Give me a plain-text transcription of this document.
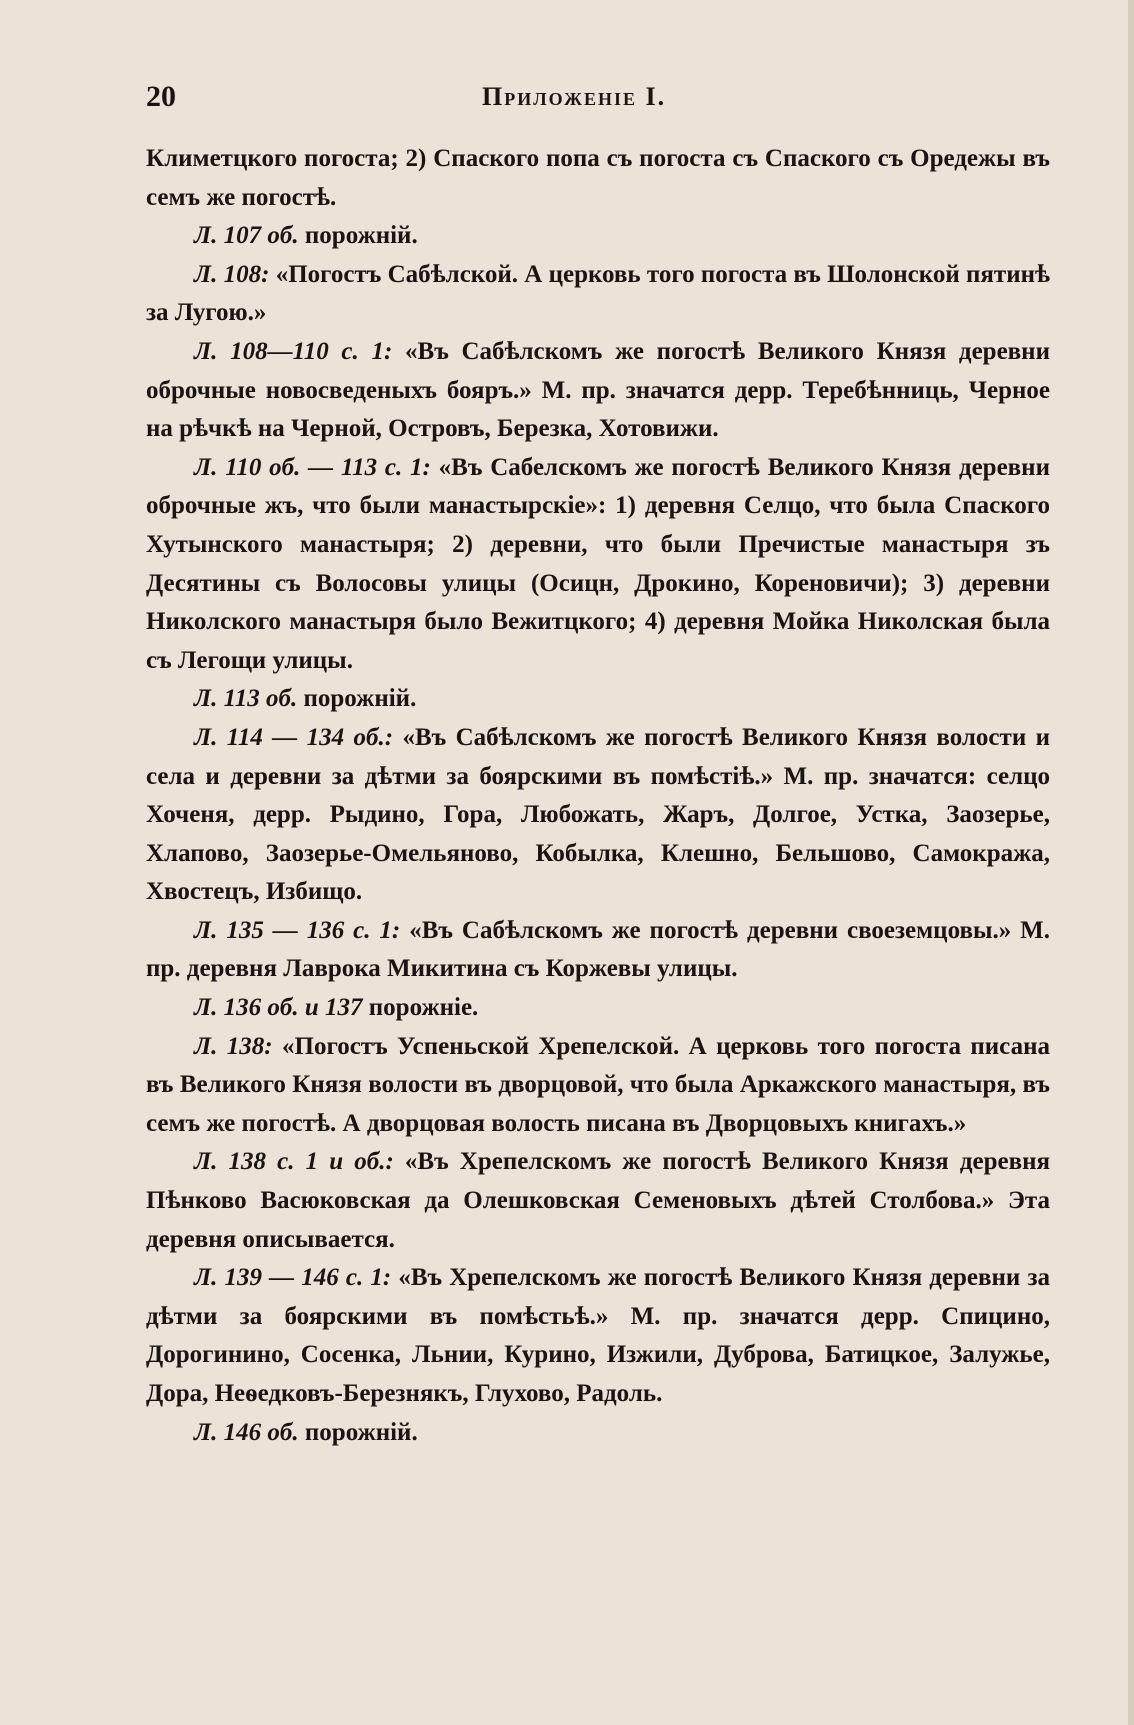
20	Приложеніе I.

Климетцкого погоста; 2) Спаского попа съ погоста съ Спаского съ Оредежы въ семъ же погостѣ.

Л. 107 об. порожній.

Л. 108: «Погостъ Сабѣлской. А церковь того погоста въ Шолонской пятинѣ за Лугою.»

Л. 108—110 с. 1: «Въ Сабѣлскомъ же погостѣ Великого Князя деревни оброчные новосведеныхъ бояръ.» М. пр. значатся дерр. Теребѣнниць, Черное на рѣчкѣ на Черной, Островъ, Березка, Хотовижи.

Л. 110 об. — 113 с. 1: «Въ Сабелскомъ же погостѣ Великого Князя деревни оброчные жъ, что были манастырскіе»: 1) деревня Селцо, что была Спаского Хутынского манастыря; 2) деревни, что были Пречистые манастыря зъ Десятины съ Волосовы улицы (Осицн, Дрокино, Кореновичи); 3) деревни Николского манастыря было Вежитцкого; 4) деревня Мойка Николская была съ Легощи улицы.

Л. 113 об. порожній.

Л. 114 — 134 об.: «Въ Сабѣлскомъ же погостѣ Великого Князя волости и села и деревни за дѣтми за боярскими въ помѣстіѣ.» М. пр. значатся: селцо Хоченя, дерр. Рыдино, Гора, Любожать, Жаръ, Долгое, Устка, Заозерье, Хлапово, Заозерье-Омельяново, Кобылка, Клешно, Бельшово, Самокража, Хвостецъ, Избищо.

Л. 135 — 136 с. 1: «Въ Сабѣлскомъ же погостѣ деревни своеземцовы.» М. пр. деревня Лаврока Микитина съ Коржевы улицы.

Л. 136 об. и 137 порожніе.

Л. 138: «Погостъ Успеньской Хрепелской. А церковь того погоста писана въ Великого Князя волости въ дворцовой, что была Аркажского манастыря, въ семъ же погостѣ. А дворцовая волость писана въ Дворцовыхъ книгахъ.»

Л. 138 с. 1 и об.: «Въ Хрепелскомъ же погостѣ Великого Князя деревня Пѣнково Васюковская да Олешковская Семеновыхъ дѣтей Столбова.» Эта деревня описывается.

Л. 139 — 146 с. 1: «Въ Хрепелскомъ же погостѣ Великого Князя деревни за дѣтми за боярскими въ помѣстьѣ.» М. пр. значатся дерр. Спицино, Дорогинино, Сосенка, Льнии, Курино, Изжили, Дуброва, Батицкое, Залужье, Дора, Неѳедковъ-Березнякъ, Глухово, Радоль.

Л. 146 об. порожній.
